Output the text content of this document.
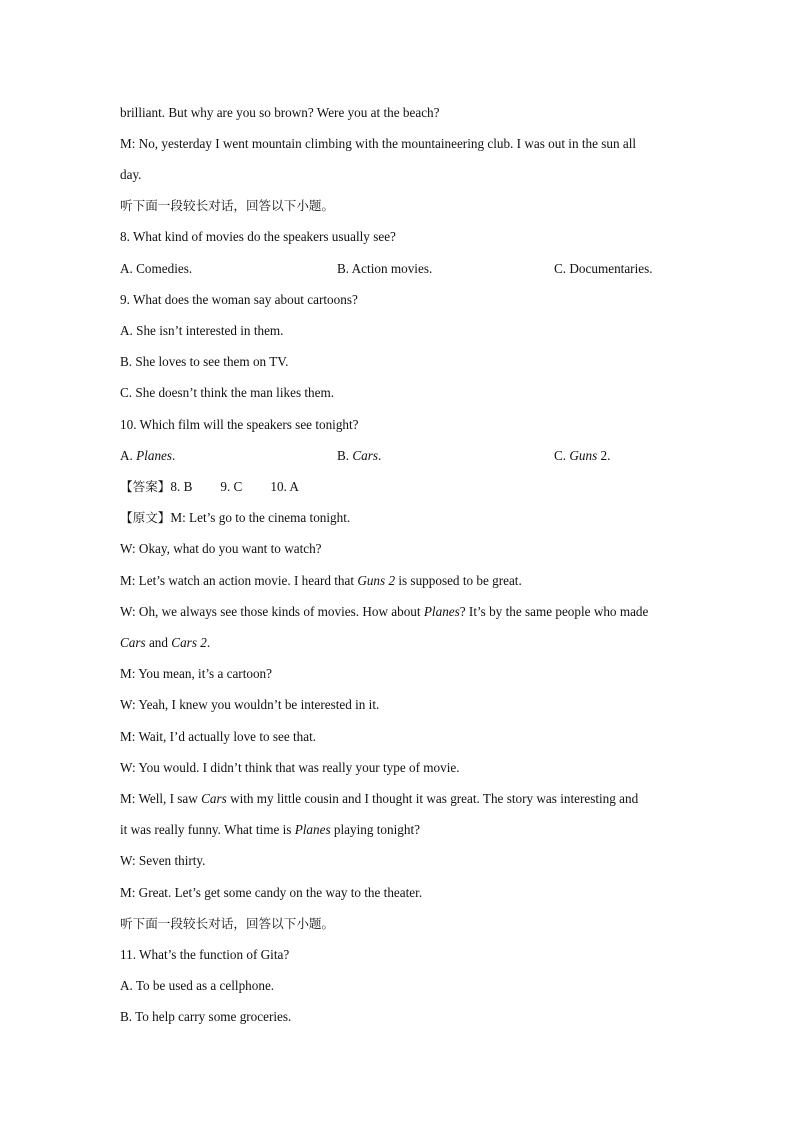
brilliant. But why are you so brown? Were you at the beach?
M: No, yesterday I went mountain climbing with the mountaineering club. I was out in the sun all
day.
听下面一段较长对话，回答以下小题。
8. What kind of movies do the speakers usually see?
A. Comedies.	B. Action movies.	C. Documentaries.
9. What does the woman say about cartoons?
A. She isn’t interested in them.
B. She loves to see them on TV.
C. She doesn’t think the man likes them.
10. Which film will the speakers see tonight?
A. Planes.	B. Cars.	C. Guns 2.
【答案】8. B 9. C 10. A
【原文】M: Let’s go to the cinema tonight.
W: Okay, what do you want to watch?
M: Let’s watch an action movie. I heard that Guns 2 is supposed to be great.
W: Oh, we always see those kinds of movies. How about Planes? It’s by the same people who made
Cars and Cars 2.
M: You mean, it’s a cartoon?
W: Yeah, I knew you wouldn’t be interested in it.
M: Wait, I’d actually love to see that.
W: You would. I didn’t think that was really your type of movie.
M: Well, I saw Cars with my little cousin and I thought it was great. The story was interesting and
it was really funny. What time is Planes playing tonight?
W: Seven thirty.
M: Great. Let’s get some candy on the way to the theater.
听下面一段较长对话，回答以下小题。
11. What’s the function of Gita?
A. To be used as a cellphone.
B. To help carry some groceries.
